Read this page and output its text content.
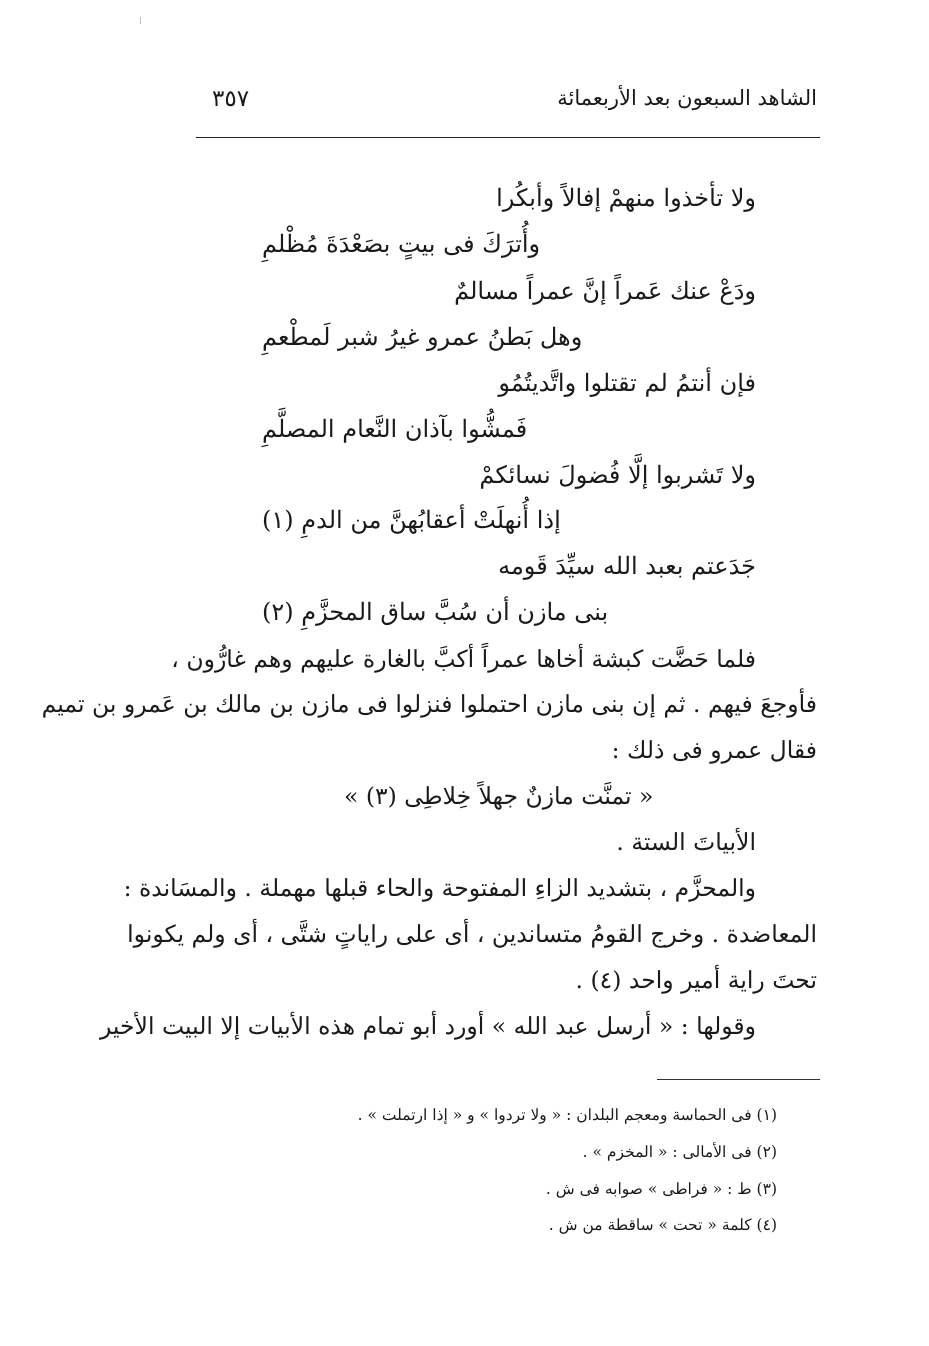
الشاهد السبعون بعد الأربعمائة
٣٥٧
ولا تأخذوا منهمْ إفالاً وأبكُرا
وأُترَكَ فى بيتٍ بصَعْدَةَ مُظْلمِ
ودَعْ عنك عَمراً إنَّ عمراً مسالمٌ
وهل بَطنُ عمرو غيرُ شبر لَمطْعمِ
فإن أنتمُ لم تقتلوا واتَّديتُمُو
فَمشُّوا بآذان النَّعام المصلَّمِ
ولا تَشربوا إلَّا فُضولَ نسائكمْ
إذا أُنهلَتْ أعقابُهنَّ من الدمِ (١)
جَدَعتم بعبد الله سيِّدَ قَومه
بنى مازن أن سُبَّ ساق المحزَّمِ (٢)
فلما حَضَّت كبشة أخاها عمراً أكبَّ بالغارة عليهم وهم غارُّون ،
فأوجعَ فيهم . ثم إن بنى مازن احتملوا فنزلوا فى مازن بن مالك بن عَمرو بن تميم
فقال عمرو فى ذلك :
« تمنَّت مازنٌ جهلاً خِلاطِى (٣) »
الأبياتَ الستة .
والمحزَّم ، بتشديد الزاءِ المفتوحة والحاء قبلها مهملة . والمسَاندة :
المعاضدة . وخرج القومُ متساندين ، أى على راياتٍ شتَّى ، أى ولم يكونوا
تحتَ راية أمير واحد (٤) .
وقولها : « أرسل عبد الله » أورد أبو تمام هذه الأبيات إلا البيت الأخير
(١) فى الحماسة ومعجم البلدان : « ولا تردوا » و « إذا ارتملت » .
(٢) فى الأمالى : « المخزم » .
(٣) ط : « فراطى » صوابه فى ش .
(٤) كلمة « تحت » ساقطة من ش .
